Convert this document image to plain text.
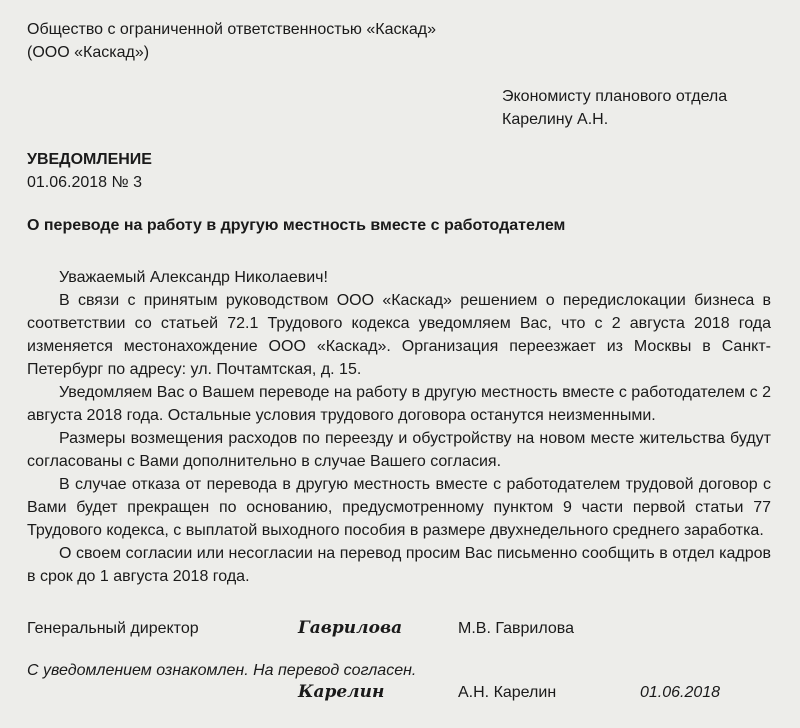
Общество с ограниченной ответственностью «Каскад»
(ООО «Каскад»)
Экономисту планового отдела
Карелину А.Н.
УВЕДОМЛЕНИЕ
01.06.2018 № 3
О переводе на работу в другую местность вместе с работодателем

Уважаемый Александр Николаевич!

В связи с принятым руководством ООО «Каскад» решением о передислокации бизнеса в соответствии со статьей 72.1 Трудового кодекса уведомляем Вас, что с 2 августа 2018 года изменяется местонахождение ООО «Каскад». Организация переезжает из Москвы в Санкт-Петербург по адресу: ул. Почтамтская, д. 15.

Уведомляем Вас о Вашем переводе на работу в другую местность вместе с работодателем с 2 августа 2018 года. Остальные условия трудового договора останутся неизменными.

Размеры возмещения расходов по переезду и обустройству на новом месте жительства будут согласованы с Вами дополнительно в случае Вашего согласия.

В случае отказа от перевода в другую местность вместе с работодателем трудовой договор с Вами будет прекращен по основанию, предусмотренному пунктом 9 части первой статьи 77 Трудового кодекса, с выплатой выходного пособия в размере двухнедельного среднего заработка.

О своем согласии или несогласии на перевод просим Вас письменно сообщить в отдел кадров в срок до 1 августа 2018 года.

Генеральный директор	Гаврилова	М.В. Гаврилова
С уведомлением ознакомлен. На перевод согласен.
Карелин	А.Н. Карелин	01.06.2018
